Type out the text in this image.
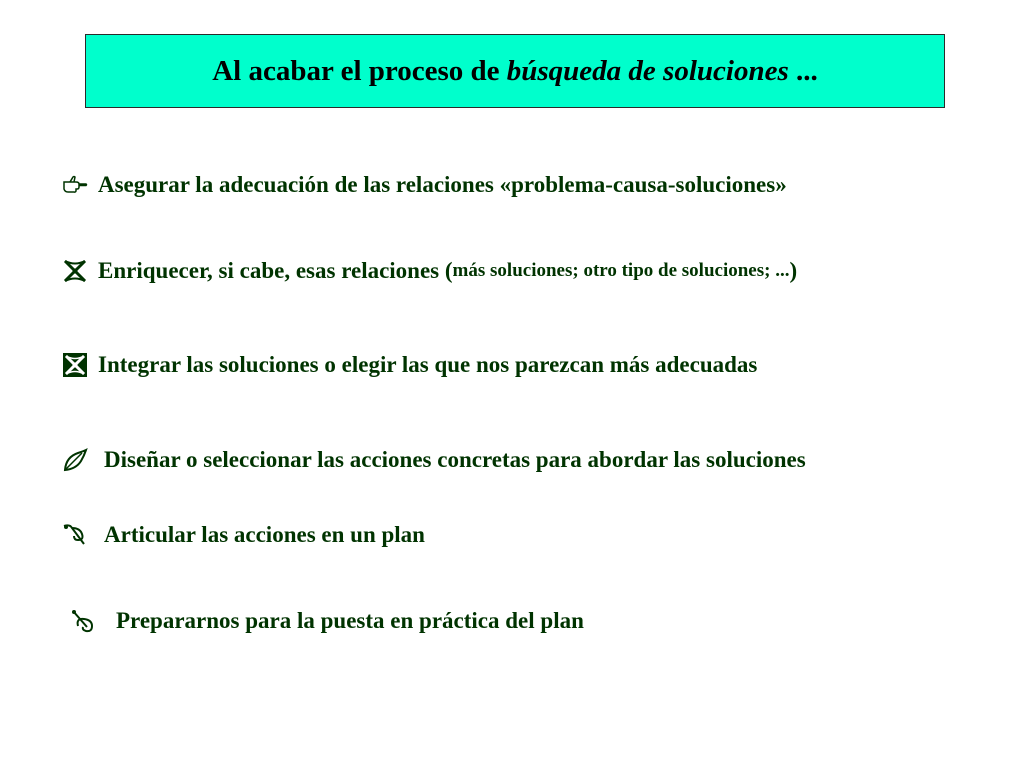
Al acabar el proceso de búsqueda de soluciones ...
Asegurar la adecuación de las relaciones «problema-causa-soluciones»
Enriquecer, si cabe, esas relaciones ( más soluciones; otro tipo de soluciones; ... )
Integrar las soluciones o elegir las que nos parezcan más adecuadas
Diseñar o seleccionar las acciones concretas para abordar las soluciones
Articular las acciones en un plan
Prepararnos para la puesta en práctica del plan
